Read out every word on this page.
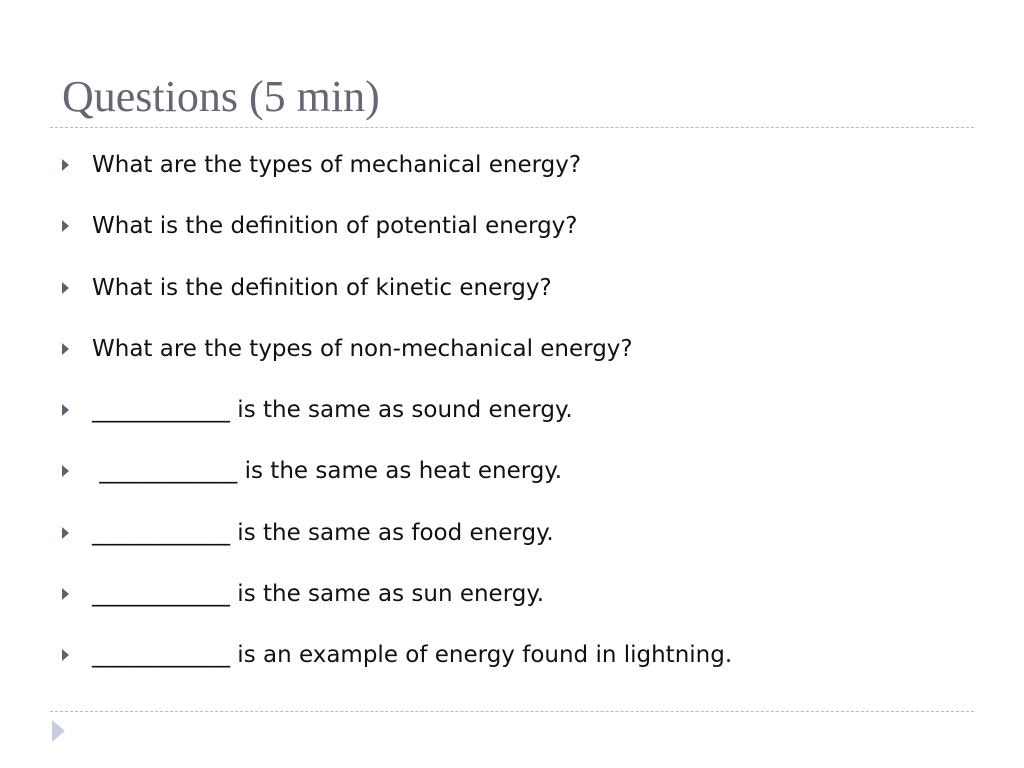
Questions (5 min)
What are the types of mechanical energy?
What is the definition of potential energy?
What is the definition of kinetic energy?
What are the types of non-mechanical energy?
____________ is the same as sound energy.
____________ is the same as heat energy.
____________ is the same as food energy.
____________ is the same as sun energy.
____________ is an example of energy found in lightning.
